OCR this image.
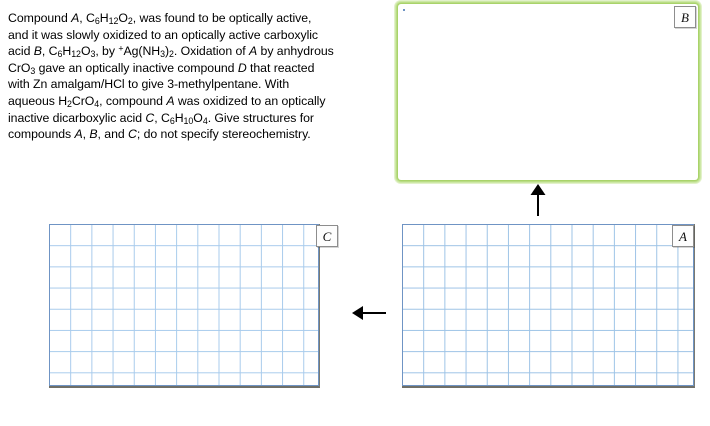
Compound A, $C_6H_{12}O_2$, was found to be optically active,
and it was slowly oxidized to an optically active carboxylic
acid B, $C_6H_{12}O_3$, by $^+Ag(NH_3)_2$. Oxidation of A by anhydrous
CrO$_3$ gave an optically inactive compound D that reacted
with Zn amalgam/HCl to give 3-methylpentane. With
aqueous $H_2CrO_4$, compound A was oxidized to an optically
inactive dicarboxylic acid C, $C_6H_{10}O_4$. Give structures for
compounds A, B, and C; do not specify stereochemistry.
B
A
C
